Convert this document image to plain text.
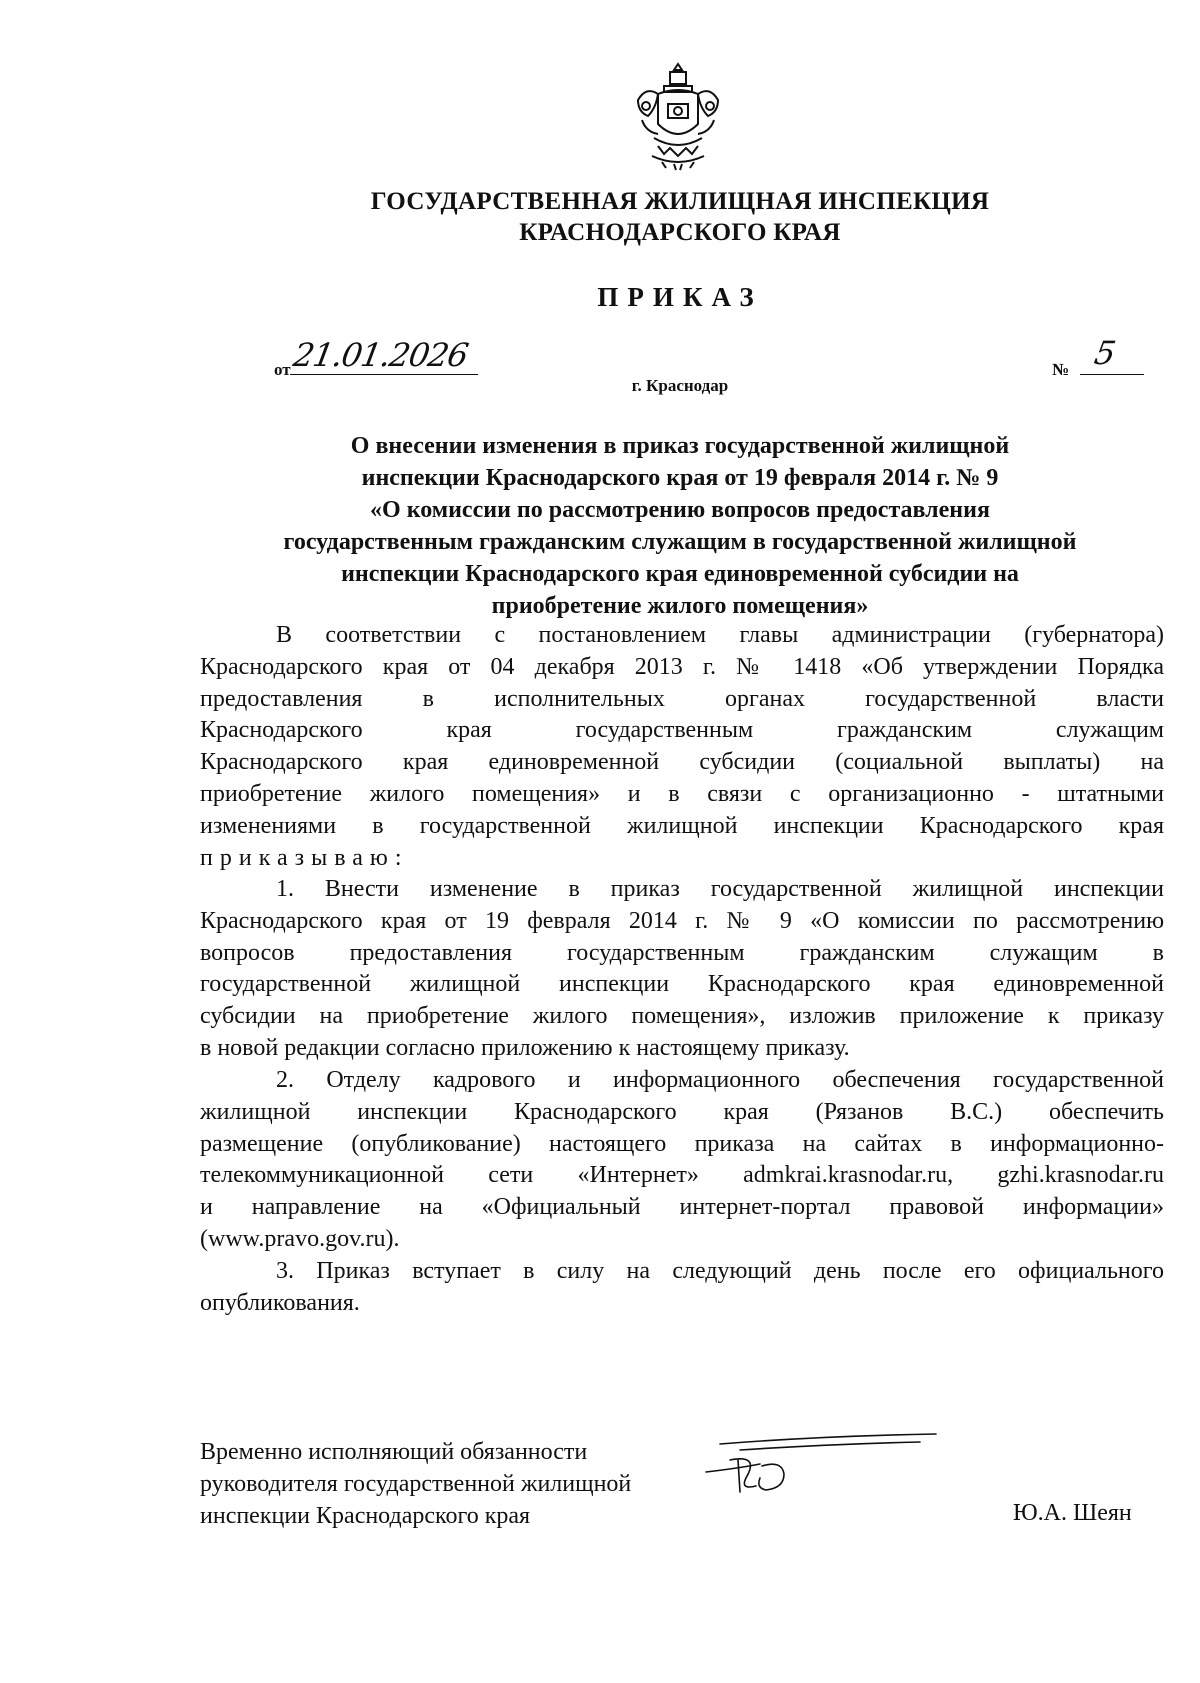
ГОСУДАРСТВЕННАЯ ЖИЛИЩНАЯ ИНСПЕКЦИЯ
КРАСНОДАРСКОГО КРАЯ
ПРИКАЗ
от 21.01.2026	№ 5
г. Краснодар
О внесении изменения в приказ государственной жилищной
инспекции Краснодарского края от 19 февраля 2014 г. № 9
«О комиссии по рассмотрению вопросов предоставления
государственным гражданским служащим в государственной жилищной
инспекции Краснодарского края единовременной субсидии на
приобретение жилого помещения»
В соответствии с постановлением главы администрации (губернатора)
Краснодарского края от 04 декабря 2013 г. № 1418 «Об утверждении Порядка
предоставления в исполнительных органах государственной власти
Краснодарского края государственным гражданским служащим
Краснодарского края единовременной субсидии (социальной выплаты) на
приобретение жилого помещения» и в связи с организационно - штатными
изменениями в государственной жилищной инспекции Краснодарского края
приказываю:
1. Внести изменение в приказ государственной жилищной инспекции
Краснодарского края от 19 февраля 2014 г. № 9 «О комиссии по рассмотрению
вопросов предоставления государственным гражданским служащим в
государственной жилищной инспекции Краснодарского края единовременной
субсидии на приобретение жилого помещения», изложив приложение к приказу
в новой редакции согласно приложению к настоящему приказу.
2. Отделу кадрового и информационного обеспечения государственной
жилищной инспекции Краснодарского края (Рязанов В.С.) обеспечить
размещение (опубликование) настоящего приказа на сайтах в информационно-
телекоммуникационной сети «Интернет» admkrai.krasnodar.ru, gzhi.krasnodar.ru
и направление на «Официальный интернет-портал правовой информации»
(www.pravo.gov.ru).
3. Приказ вступает в силу на следующий день после его официального
опубликования.
Временно исполняющий обязанности
руководителя государственной жилищной
инспекции Краснодарского края	Ю.А. Шеян
